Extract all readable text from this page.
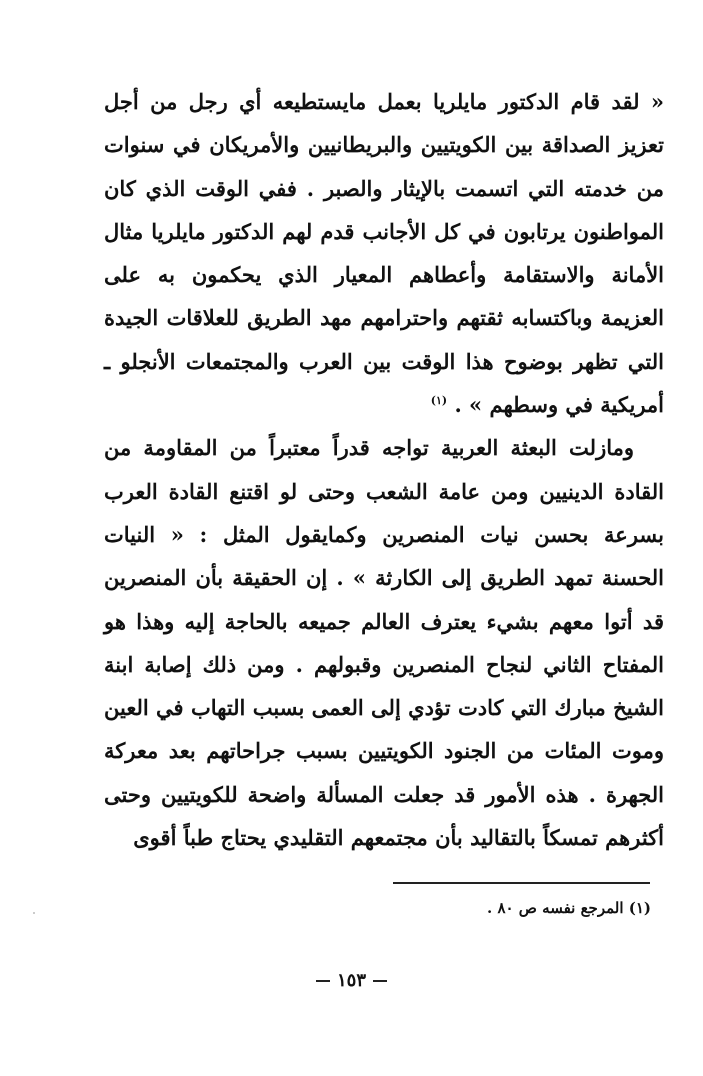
« لقد قام الدكتور مايلريا بعمل مايستطيعه أي رجل من أجل تعزيز الصداقة بين الكويتيين والبريطانيين والأمريكان في سنوات من خدمته التي اتسمت بالإيثار والصبر . ففي الوقت الذي كان المواطنون يرتابون في كل الأجانب قدم لهم الدكتور مايلريا مثال الأمانة والاستقامة وأعطاهم المعيار الذي يحكمون به على العزيمة وباكتسابه ثقتهم واحترامهم مهد الطريق للعلاقات الجيدة التي تظهر بوضوح هذا الوقت بين العرب والمجتمعات الأنجلو ـ أمريكية في وسطهم » . $^{(١)}$

ومازلت البعثة العربية تواجه قدراً معتبراً من المقاومة من القادة الدينيين ومن عامة الشعب وحتى لو اقتنع القادة العرب بسرعة بحسن نيات المنصرين وكمايقول المثل : « النيات الحسنة تمهد الطريق إلى الكارثة » . إن الحقيقة بأن المنصرين قد أتوا معهم بشيء يعترف العالم جميعه بالحاجة إليه وهذا هو المفتاح الثاني لنجاح المنصرين وقبولهم . ومن ذلك إصابة ابنة الشيخ مبارك التي كادت تؤدي إلى العمى بسبب التهاب في العين وموت المئات من الجنود الكويتيين بسبب جراحاتهم بعد معركة الجهرة . هذه الأمور قد جعلت المسألة واضحة للكويتيين وحتى أكثرهم تمسكاً بالتقاليد بأن مجتمعهم التقليدي يحتاج طباً أقوى

(١) المرجع نفسه ص ٨٠ .
١٥٣
